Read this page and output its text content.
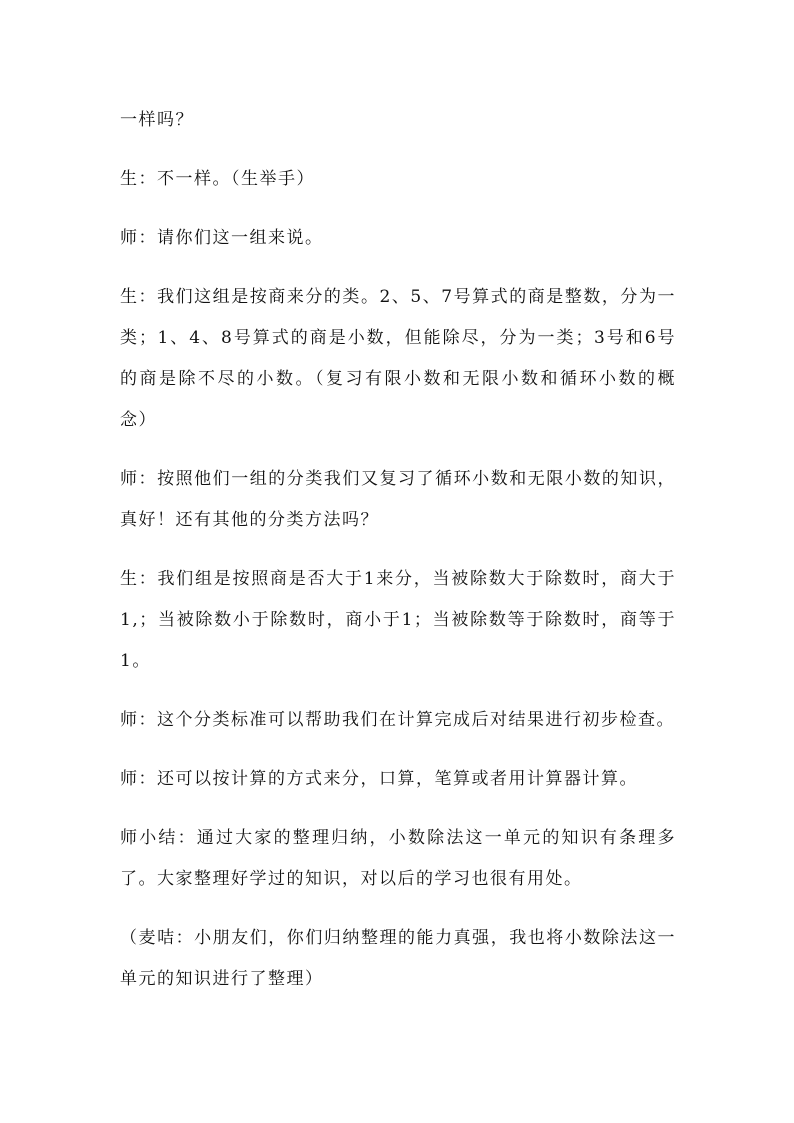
一样吗？

生：不一样。（生举手）

师：请你们这一组来说。

生：我们这组是按商来分的类。2、5、7号算式的商是整数，分为一类；1、4、8号算式的商是小数，但能除尽，分为一类；3号和6号的商是除不尽的小数。（复习有限小数和无限小数和循环小数的概念）

师：按照他们一组的分类我们又复习了循环小数和无限小数的知识，真好！还有其他的分类方法吗？

生：我们组是按照商是否大于1来分，当被除数大于除数时，商大于1,；当被除数小于除数时，商小于1；当被除数等于除数时，商等于1。

师：这个分类标准可以帮助我们在计算完成后对结果进行初步检查。

师：还可以按计算的方式来分，口算，笔算或者用计算器计算。

师小结：通过大家的整理归纳，小数除法这一单元的知识有条理多了。大家整理好学过的知识，对以后的学习也很有用处。

（麦咭：小朋友们，你们归纳整理的能力真强，我也将小数除法这一单元的知识进行了整理）
